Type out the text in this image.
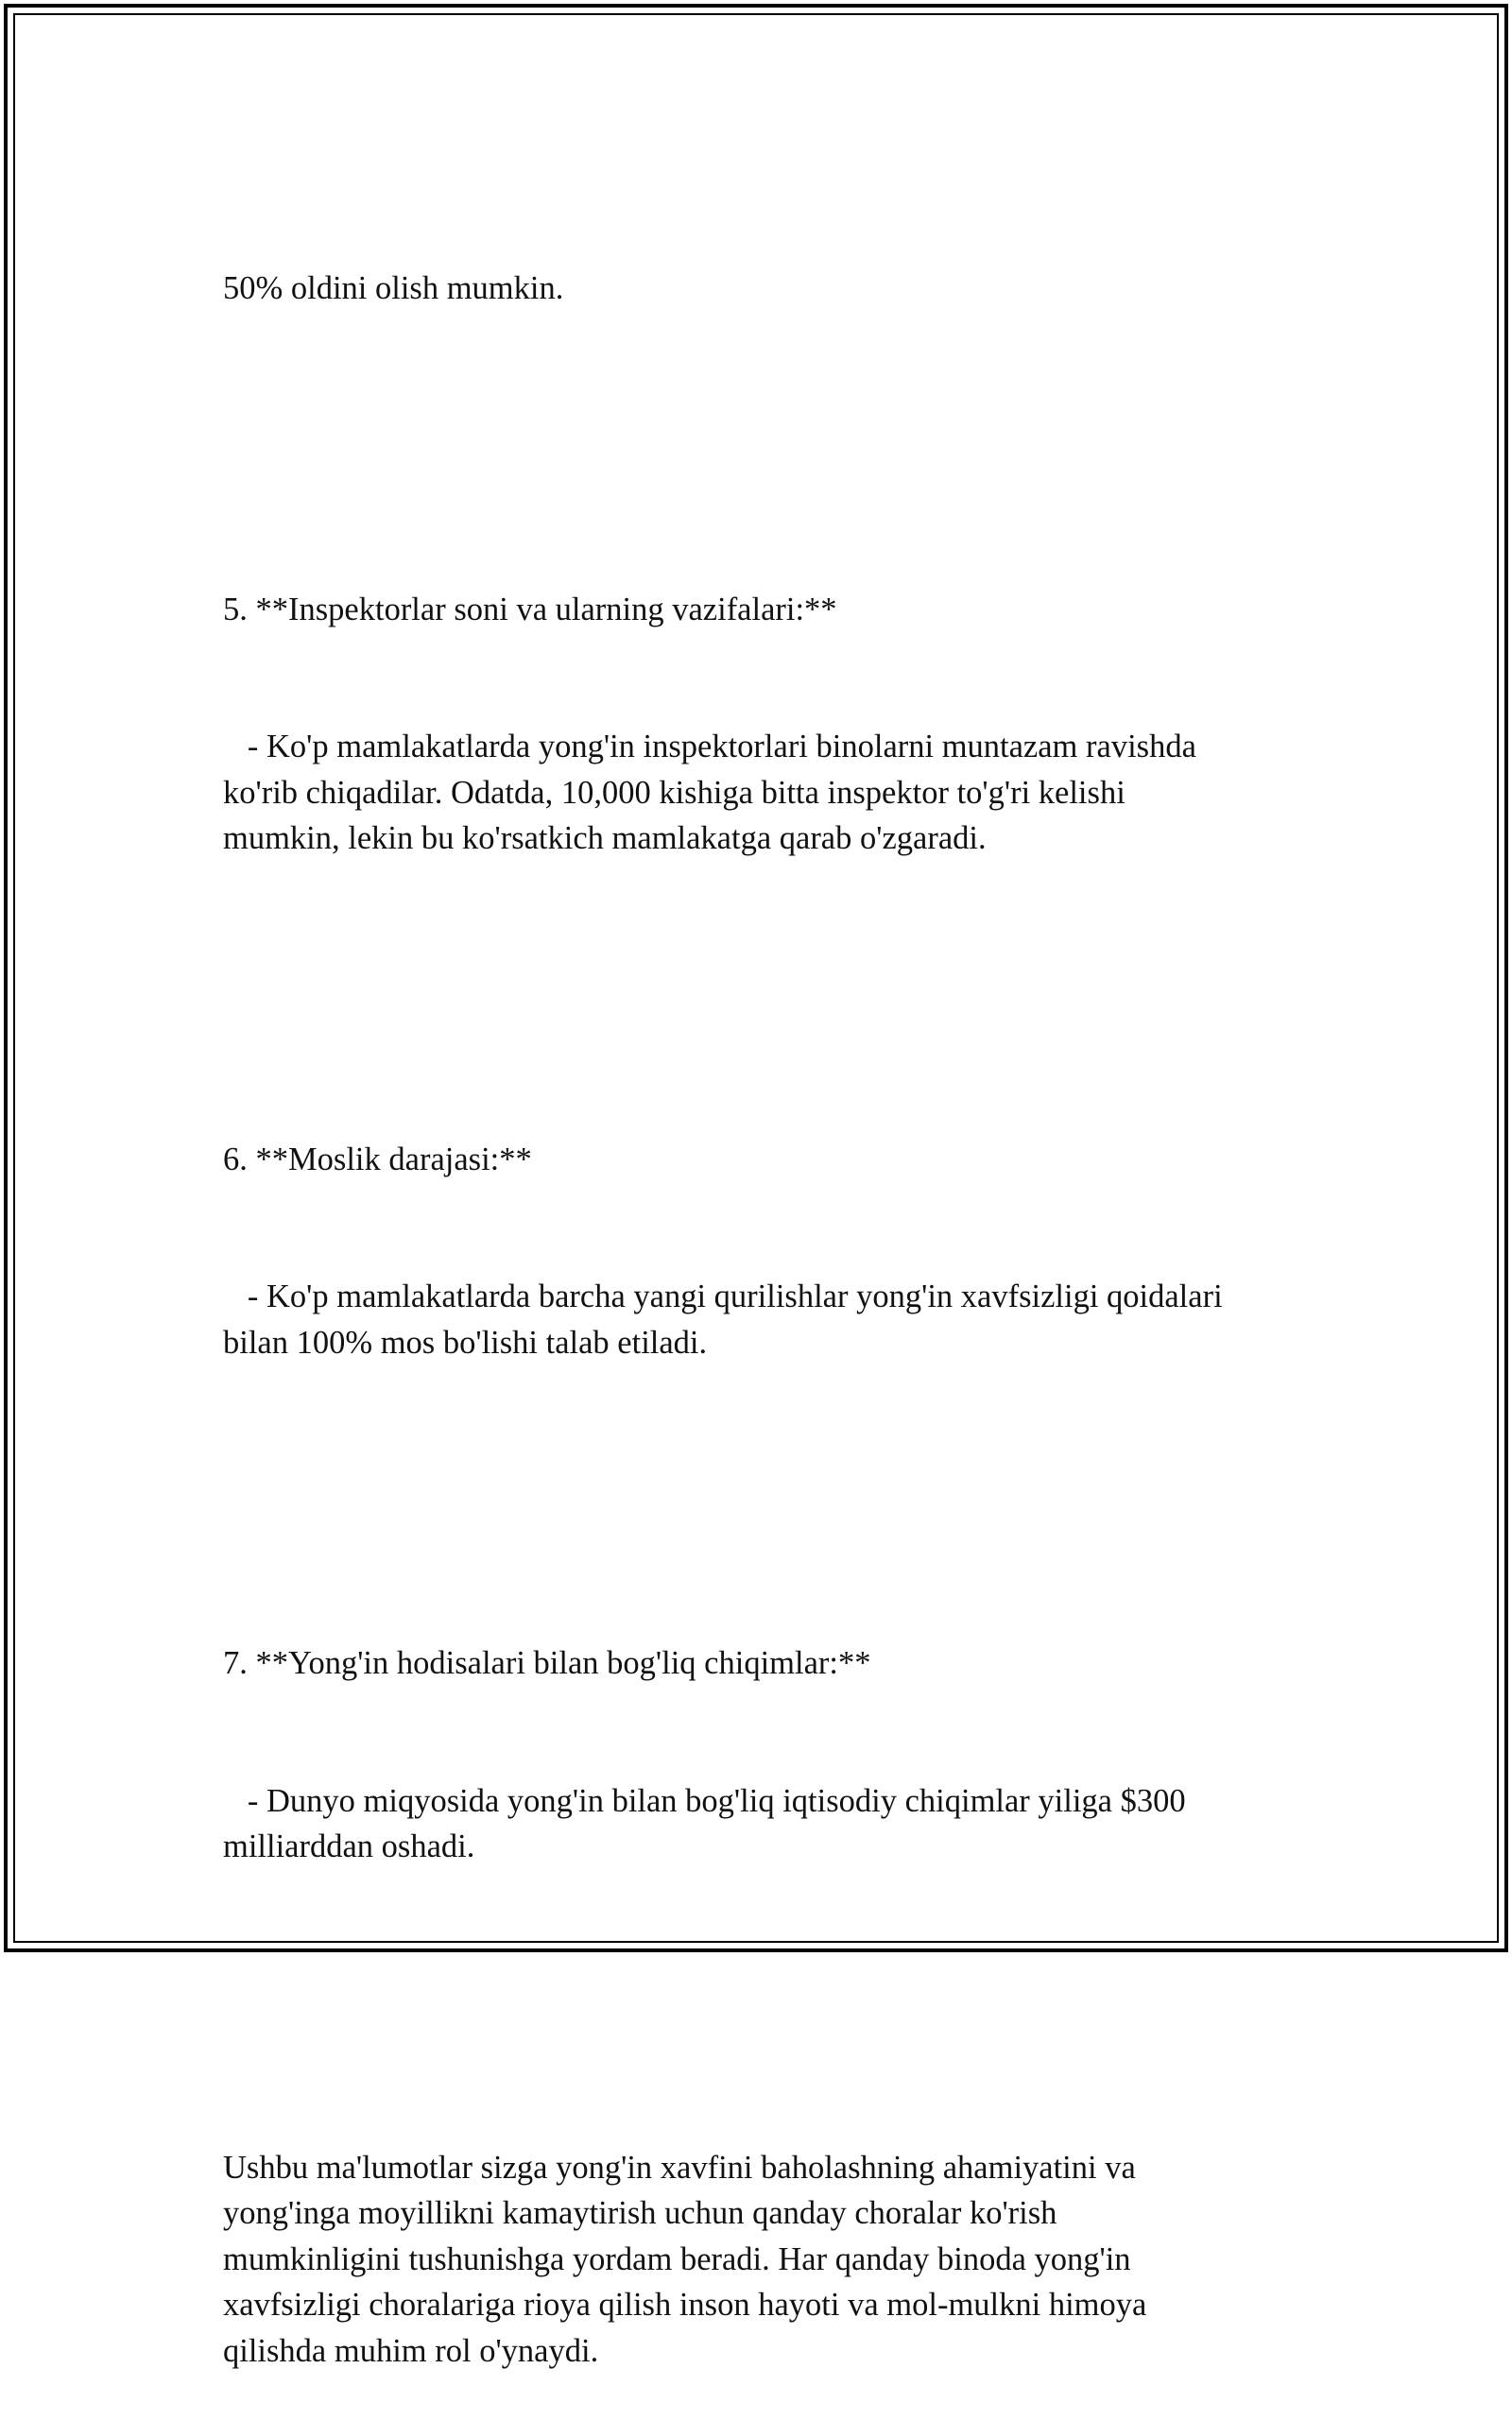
50% oldini olish mumkin.

5. **Inspektorlar soni va ularning vazifalari:**

- Ko'p mamlakatlarda yong'in inspektorlari binolarni muntazam ravishda
ko'rib chiqadilar. Odatda, 10,000 kishiga bitta inspektor to'g'ri kelishi
mumkin, lekin bu ko'rsatkich mamlakatga qarab o'zgaradi.

6. **Moslik darajasi:**

- Ko'p mamlakatlarda barcha yangi qurilishlar yong'in xavfsizligi qoidalari
bilan 100% mos bo'lishi talab etiladi.

7. **Yong'in hodisalari bilan bog'liq chiqimlar:**

- Dunyo miqyosida yong'in bilan bog'liq iqtisodiy chiqimlar yiliga $300
milliarddan oshadi.

Ushbu ma'lumotlar sizga yong'in xavfini baholashning ahamiyatini va
yong'inga moyillikni kamaytirish uchun qanday choralar ko'rish
mumkinligini tushunishga yordam beradi. Har qanday binoda yong'in
xavfsizligi choralariga rioya qilish inson hayoti va mol-mulkni himoya
qilishda muhim rol o'ynaydi.
